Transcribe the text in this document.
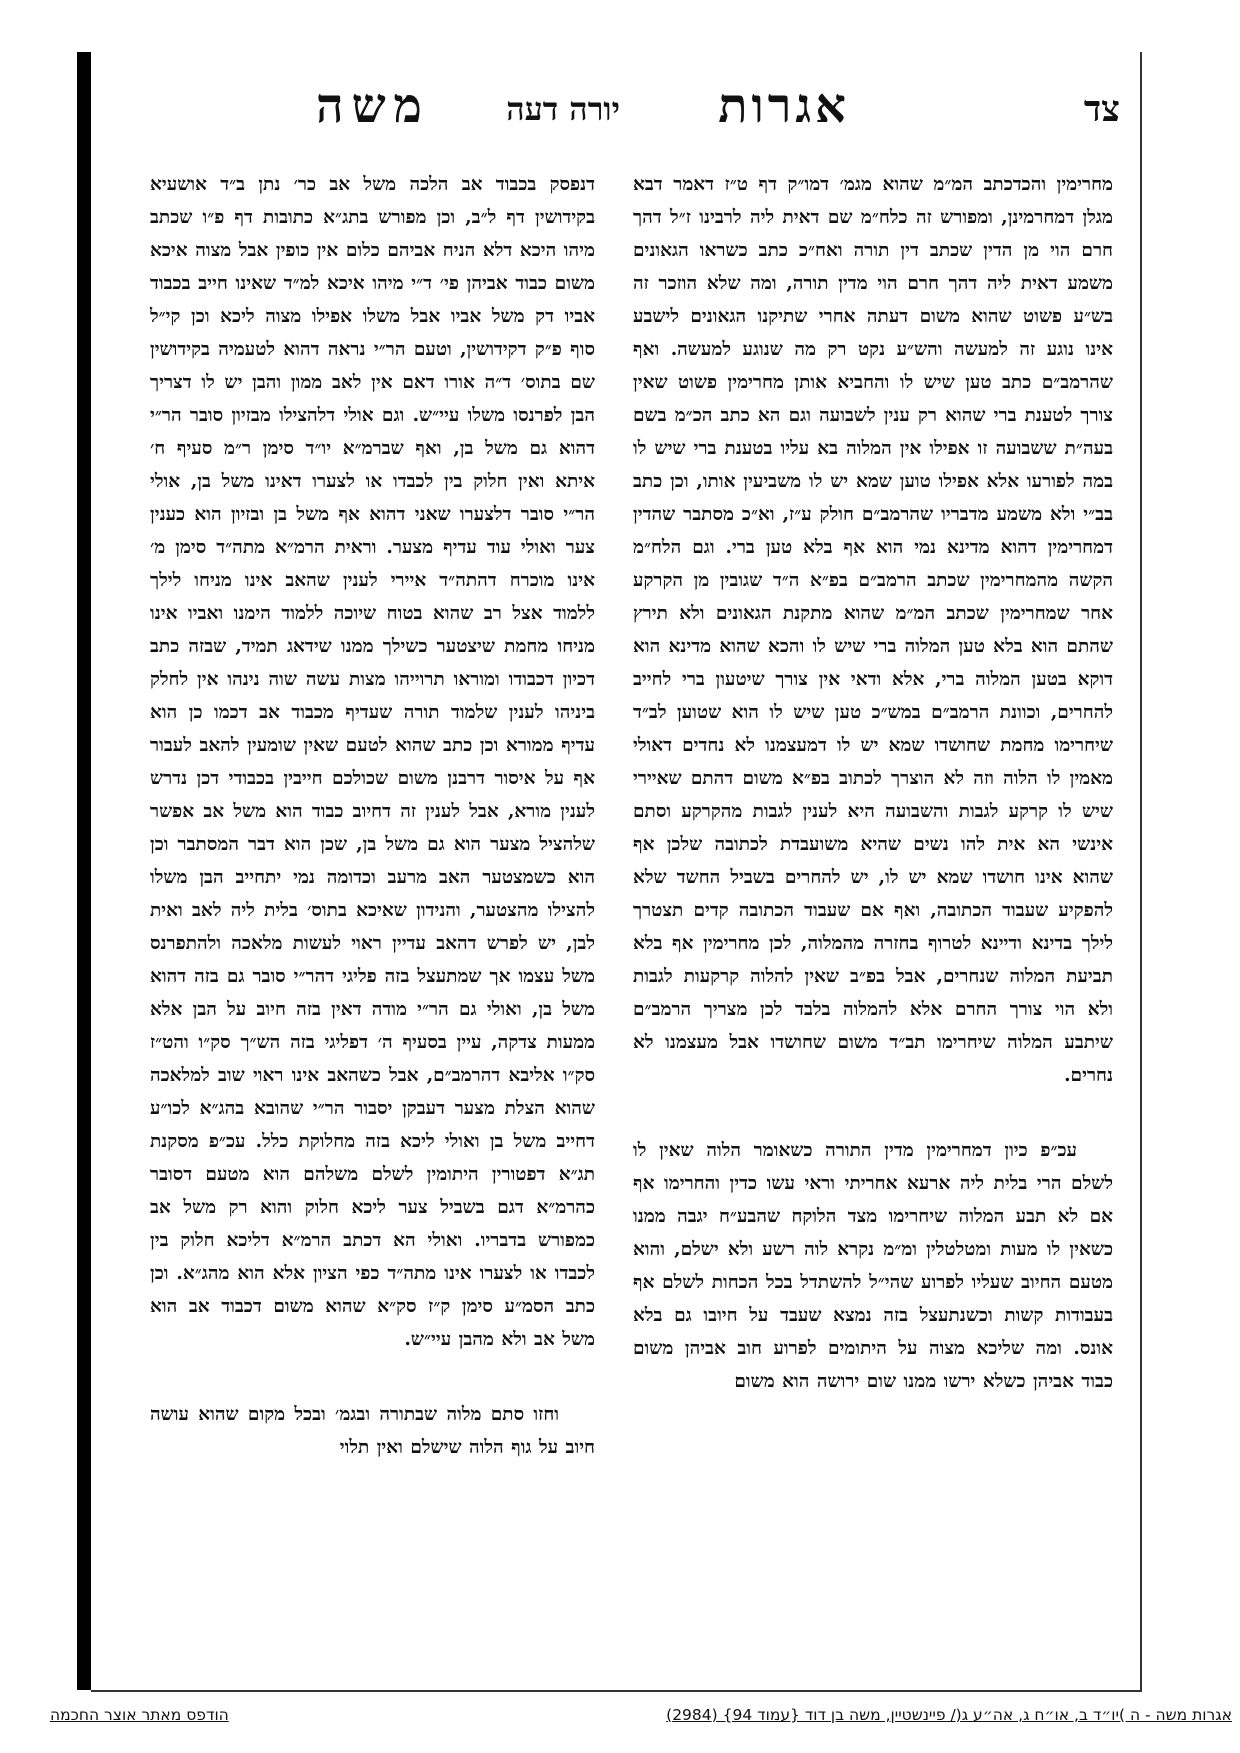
צד
אגרות
יורה דעה
משה

מחרימין והכדכתב המ״מ שהוא מגמ׳ דמו״ק דף ט״ז דאמר דבא מגלן דמחרמינן, ומפורש זה כלח״מ שם דאית ליה לרבינו ז״ל דהך חרם הוי מן הדין שכתב דין תורה ואח״כ כתב כשראו הגאונים משמע דאית ליה דהך חרם הוי מדין תורה, ומה שלא הוזכר זה בש״ע פשוט שהוא משום דעתה אחרי שתיקנו הגאונים לישבע אינו נוגע זה למעשה והש״ע נקט רק מה שנוגע למעשה. ואף שהרמב״ם כתב טען שיש לו והחביא אותן מחרימין פשוט שאין צורך לטענת ברי שהוא רק ענין לשבועה וגם הא כתב הכ״מ בשם בעה״ת ששבועה זו אפילו אין המלוה בא עליו בטענת ברי שיש לו במה לפורעו אלא אפילו טוען שמא יש לו משביעין אותו, וכן כתב בב״י ולא משמע מדבריו שהרמב״ם חולק ע״ז, וא״כ מסתבר שהדין דמחרימין דהוא מדינא נמי הוא אף בלא טען ברי. וגם הלח״מ הקשה מהמחרימין שכתב הרמב״ם בפ״א ה״ד שגובין מן הקרקע אחר שמחרימין שכתב המ״מ שהוא מתקנת הגאונים ולא תירץ שהתם הוא בלא טען המלוה ברי שיש לו והכא שהוא מדינא הוא דוקא בטען המלוה ברי, אלא ודאי אין צורך שיטעון ברי לחייב להחרים, וכוונת הרמב״ם במש״כ טען שיש לו הוא שטוען לב״ד שיחרימו מחמת שחושדו שמא יש לו דמעצמנו לא נחדים דאולי מאמין לו הלוה וזה לא הוצרך לכתוב בפ״א משום דהתם שאיירי שיש לו קרקע לגבות והשבועה היא לענין לגבות מהקרקע וסתם אינשי הא אית להו נשים שהיא משועבדת לכתובה שלכן אף שהוא אינו חושדו שמא יש לו, יש להחרים בשביל החשד שלא להפקיע שעבוד הכתובה, ואף אם שעבוד הכתובה קדים תצטרך לילך בדינא ודיינא לטרוף בחזרה מהמלוה, לכן מחרימין אף בלא תביעת המלוה שנחרים, אבל בפ״ב שאין להלוה קרקעות לגבות ולא הוי צורך החרם אלא להמלוה בלבד לכן מצריך הרמב״ם שיתבע המלוה שיחרימו תב״ד משום שחושדו אבל מעצמנו לא נחרים.

עכ״פ כיון דמחרימין מדין התורה כשאומר הלוה שאין לו לשלם הרי בלית ליה ארעא אחריתי וראי עשו כדין והחרימו אף אם לא תבע המלוה שיחרימו מצד הלוקח שהבע״ח יגבה ממנו כשאין לו מעות ומטלטלין ומ״מ נקרא לוה רשע ולא ישלם, והוא מטעם החיוב שעליו לפרוע שהי״ל להשתדל בכל הכחות לשלם אף בעבודות קשות וכשנתעצל בזה נמצא שעבד על חיובו גם בלא אונס. ומה שליכא מצוה על היתומים לפרוע חוב אביהן משום כבוד אביהן כשלא ירשו ממנו שום ירושה הוא משום

דנפסק בכבוד אב הלכה משל אב כר׳ נתן ב״ד אושעיא בקידושין דף ל״ב, וכן מפורש בתג״א כתובות דף פ״ו שכתב מיהו היכא דלא הניח אביהם כלום אין כופין אבל מצוה איכא משום כבוד אביהן פי׳ ד״י מיהו איכא למ״ד שאינו חייב בכבוד אביו דק משל אביו אבל משלו אפילו מצוה ליכא וכן קי״ל סוף פ״ק דקידושין, וטעם הר״י נראה דהוא לטעמיה בקידושין שם בתוס׳ ד״ה אורו דאם אין לאב ממון והבן יש לו דצריך הבן לפרנסו משלו עיי״ש. וגם אולי דלהצילו מבזיון סובר הר״י דהוא גם משל בן, ואף שברמ״א יו״ד סימן ר״מ סעיף ח׳ איתא ואין חלוק בין לכבדו או לצערו דאינו משל בן, אולי הר״י סובר דלצערו שאני דהוא אף משל בן ובזיון הוא כענין צער ואולי עוד עדיף מצער. וראית הרמ״א מתה״ד סימן מ׳ אינו מוכרח דהתה״ד איירי לענין שהאב אינו מניחו לילך ללמוד אצל רב שהוא בטוח שיוכה ללמוד הימנו ואביו אינו מניחו מחמת שיצטער כשילך ממנו שידאג תמיד, שבזה כתב דכיון דכבודו ומוראו תרוייהו מצות עשה שוה נינהו אין לחלק ביניהו לענין שלמוד תורה שעדיף מכבוד אב דכמו כן הוא עדיף ממורא וכן כתב שהוא לטעם שאין שומעין להאב לעבור אף על איסור דרבנן משום שכולכם חייבין בכבודי דכן נדרש לענין מורא, אבל לענין זה דחיוב כבוד הוא משל אב אפשר שלהציל מצער הוא גם משל בן, שכן הוא דבר המסתבר וכן הוא כשמצטער האב מרעב וכדומה נמי יתחייב הבן משלו להצילו מהצטער, והנידון שאיכא בתוס׳ בלית ליה לאב ואית לבן, יש לפרש דהאב עדיין ראוי לעשות מלאכה ולהתפרנס משל עצמו אך שמתעצל בזה פליגי דהר״י סובר גם בזה דהוא משל בן, ואולי גם הר״י מודה דאין בזה חיוב על הבן אלא ממעות צדקה, עיין בסעיף ה׳ דפליגי בזה הש״ך סק״ו והט״ז סק״ו אליבא דהרמב״ם, אבל כשהאב אינו ראוי שוב למלאכה שהוא הצלת מצער דעבקן יסבור הר״י שהובא בהג״א לכו״ע דחייב משל בן ואולי ליכא בזה מחלוקת כלל. עכ״פ מסקנת תג״א דפטורין היתומין לשלם משלהם הוא מטעם דסובר כהרמ״א דגם בשביל צער ליכא חלוק והוא רק משל אב כמפורש בדבריו. ואולי הא דכתב הרמ״א דליכא חלוק בין לכבדו או לצערו אינו מתה״ד כפי הציון אלא הוא מהג״א. וכן כתב הסמ״ע סימן ק״ז סק״א שהוא משום דכבוד אב הוא משל אב ולא מהבן עיי״ש.

וחזו סתם מלוה שבתורה ובגמ׳ ובכל מקום שהוא עושה חיוב על גוף הלוה שישלם ואין תלוי

אגרות משה - ה )יו״ד ב, או״ח ג, אה״ע ג(/ פיינשטיין, משה בן דוד {עמוד 94} (2984)
הודפס מאתר אוצר החכמה
